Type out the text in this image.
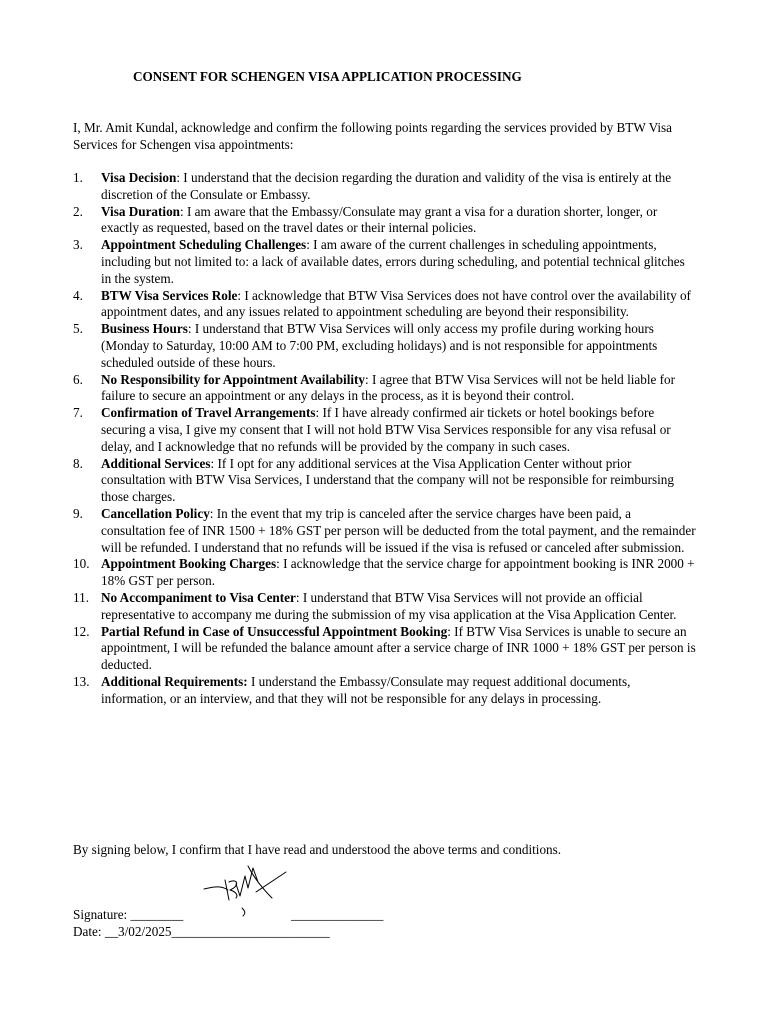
CONSENT FOR SCHENGEN VISA APPLICATION PROCESSING

I, Mr. Amit Kundal, acknowledge and confirm the following points regarding the services provided by BTW Visa Services for Schengen visa appointments:

1. Visa Decision: I understand that the decision regarding the duration and validity of the visa is entirely at the discretion of the Consulate or Embassy.
2. Visa Duration: I am aware that the Embassy/Consulate may grant a visa for a duration shorter, longer, or exactly as requested, based on the travel dates or their internal policies.
3. Appointment Scheduling Challenges: I am aware of the current challenges in scheduling appointments, including but not limited to: a lack of available dates, errors during scheduling, and potential technical glitches in the system.
4. BTW Visa Services Role: I acknowledge that BTW Visa Services does not have control over the availability of appointment dates, and any issues related to appointment scheduling are beyond their responsibility.
5. Business Hours: I understand that BTW Visa Services will only access my profile during working hours (Monday to Saturday, 10:00 AM to 7:00 PM, excluding holidays) and is not responsible for appointments scheduled outside of these hours.
6. No Responsibility for Appointment Availability: I agree that BTW Visa Services will not be held liable for failure to secure an appointment or any delays in the process, as it is beyond their control.
7. Confirmation of Travel Arrangements: If I have already confirmed air tickets or hotel bookings before securing a visa, I give my consent that I will not hold BTW Visa Services responsible for any visa refusal or delay, and I acknowledge that no refunds will be provided by the company in such cases.
8. Additional Services: If I opt for any additional services at the Visa Application Center without prior consultation with BTW Visa Services, I understand that the company will not be responsible for reimbursing those charges.
9. Cancellation Policy: In the event that my trip is canceled after the service charges have been paid, a consultation fee of INR 1500 + 18% GST per person will be deducted from the total payment, and the remainder will be refunded. I understand that no refunds will be issued if the visa is refused or canceled after submission.
10. Appointment Booking Charges: I acknowledge that the service charge for appointment booking is INR 2000 + 18% GST per person.
11. No Accompaniment to Visa Center: I understand that BTW Visa Services will not provide an official representative to accompany me during the submission of my visa application at the Visa Application Center.
12. Partial Refund in Case of Unsuccessful Appointment Booking: If BTW Visa Services is unable to secure an appointment, I will be refunded the balance amount after a service charge of INR 1000 + 18% GST per person is deducted.
13. Additional Requirements: I understand the Embassy/Consulate may request additional documents, information, or an interview, and that they will not be responsible for any delays in processing.

By signing below, I confirm that I have read and understood the above terms and conditions.

Signature: ________	______________

Date: __3/02/2025________________________
